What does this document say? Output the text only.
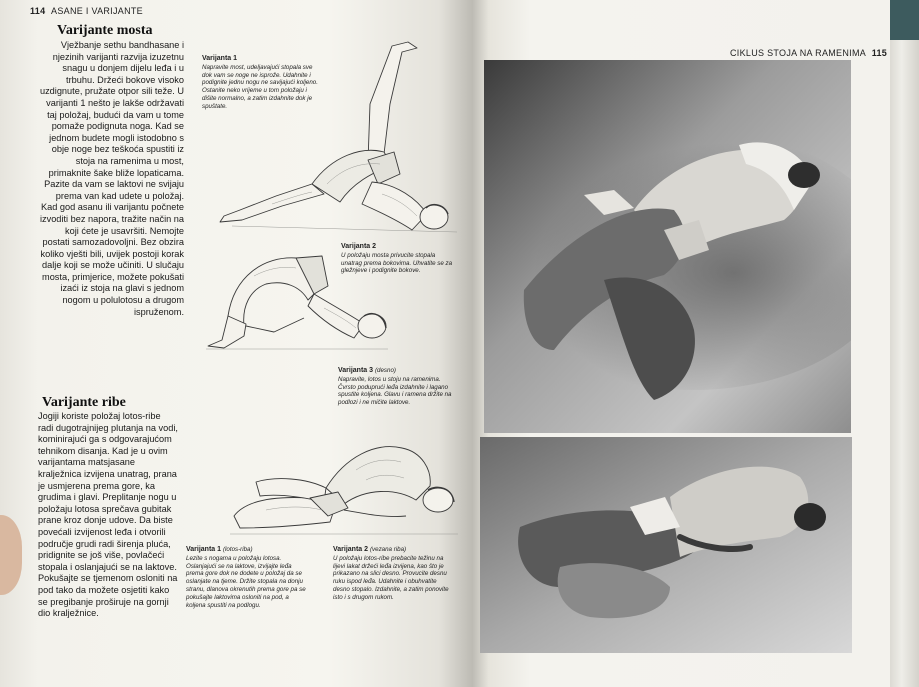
114 ASANE I VARIJANTE
Varijante mosta

Vježbanje sethu bandhasane i njezinih varijanti razvija izuzetnu snagu u donjem dijelu leđa i u trbuhu. Držeći bokove visoko uzdignute, pružate otpor sili teže. U varijanti 1 nešto je lakše održavati taj položaj, budući da vam u tome pomaže podignuta noga. Kad se jednom budete mogli istodobno s obje noge bez teškoća spustiti iz stoja na ramenima u most, primaknite šake bliže lopaticama. Pazite da vam se laktovi ne svijaju prema van kad udete u položaj. Kad god asanu ili varijantu počnete izvoditi bez napora, tražite način na koji ćete je usavršiti. Nemojte postati samozadovoljni. Bez obzira koliko vješti bili, uvijek postoji korak dalje koji se može učiniti. U slučaju mosta, primjerice, možete pokušati izaći iz stoja na glavi s jednom nogom u polulotosu a drugom ispruženom.

Varijante ribe

Jogiji koriste položaj lotos-ribe radi dugotrajnijeg plutanja na vodi, kominirajući ga s odgovarajućom tehnikom disanja. Kad je u ovim varijantama matsjasane kralježnica izvijena unatrag, prana je usmjerena prema gore, ka grudima i glavi. Preplitanje nogu u položaju lotosa sprečava gubitak prane kroz donje udove. Da biste povećali izvijenost leđa i otvorili područje grudi radi širenja pluća, pridignite se još više, povlačeći stopala i oslanjajući se na laktove. Pokušajte se tjemenom osloniti na pod tako da možete osjetiti kako se pregibanje proširuje na gornji dio kralježnice.

Varijanta 1
Napravite most, udeljavajući stopala sve dok vam se noge ne isprože. Udahnite i podignite jednu nogu ne savijajući koljeno. Ostanite neko vrijeme u tom položaju i dišite normalno, a zatim izdahnite dok je spuštate.
Varijanta 2
U položaju mosta privucite stopala unatrag prema bokovima. Uhvatite se za gležnjeve i podignite bokove.
Varijanta 3 (desno)
Napravite, lotos u stoju na ramenima. Čvrsto poduprući leđa izdahnite i lagano spustite koljena. Glavu i ramena držite na podlozi i ne mičite laktove.
Varijanta 1 (lotos-riba)
Lezite s nogama u položaju lotosa. Oslanjajući se na laktove, izvijajte leđa prema gore dok ne dodete u položaj da se oslanjate na tjeme. Držite stopala na donju stranu, dlanova okrenutih prema gore pa se pokušajte laktovima osloniti na pod, a koljena spustiti na podlogu.
Varijanta 2 (vezana riba)
U položaju lotos-ribe prebacite težinu na lijevi lakat držeći leđa izvijena, kao što je prikazano na slici desno. Provucite desnu ruku ispod leđa. Udahnite i obuhvatite desno stopalo. Izdahnite, a zatim ponovite isto i s drugom rukom.
CIKLUS STOJA NA RAMENIMA 115
